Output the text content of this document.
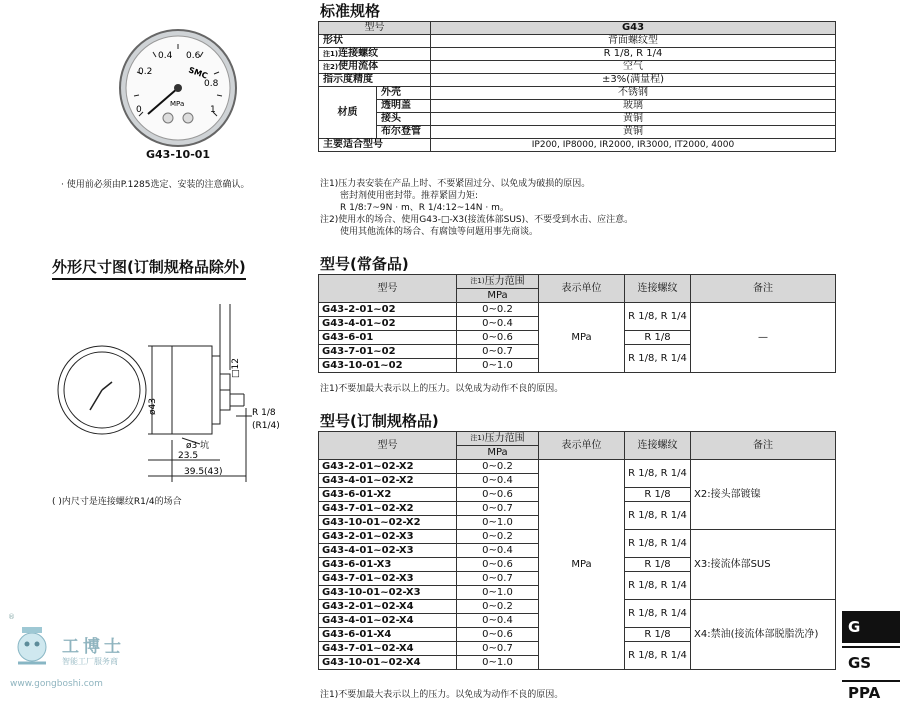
0
0.2
0.4 0.6
0.8
1
SMC
MPa
G43-10-01
· 使用前必须由P.1285选定、安装的注意确认。
外形尺寸图(订制规格品除外)
□12
ø43	R 1/8
(R1/4)
ø3 坑
23.5
39.5(43)
( )内尺寸是连接螺纹R1/4的场合
标准规格
型号		G43
形状		背面螺纹型
$^{注1)}$连接螺纹		R 1/8, R 1/4
$^{注2)}$使用流体		空气
指示度精度		±3%(满量程)
材质	外壳	不锈钢
	透明盖	玻璃
	接头	黄铜
	布尔登管	黄铜
主要适合型号		IP200, IP8000, IR2000, IR3000, IT2000, 4000
注1)压力表安装在产品上时、不要紧固过分、以免成为破损的原因。
密封剂使用密封带。推荐紧固力矩:
R 1/8:7~9N · m、R 1/4:12~14N · m。
注2)使用水的场合、使用G43-□-X3(接流体部SUS)、不要受到水击、应注意。
使用其他流体的场合、有腐蚀等问题用事先商谈。
型号(常备品)
型号	$^{注1)}$压力范围	表示单位	连接螺纹	备注
	MPa			
G43-2-01~02	0~0.2	MPa	R 1/8, R 1/4	—
G43-4-01~02	0~0.4			
G43-6-01	0~0.6		R 1/8	
G43-7-01~02	0~0.7		R 1/8, R 1/4	
G43-10-01~02	0~1.0			
注1)不要加最大表示以上的压力。以免成为动作不良的原因。
型号(订制规格品)
型号	$^{注1)}$压力范围	表示单位	连接螺纹	备注
	MPa			
G43-2-01~02-X2	0~0.2	MPa	R 1/8, R 1/4	X2:接头部镀镍
G43-4-01~02-X2	0~0.4			
G43-6-01-X2	0~0.6		R 1/8	
G43-7-01~02-X2	0~0.7		R 1/8, R 1/4	
G43-10-01~02-X2	0~1.0			
G43-2-01~02-X3	0~0.2		R 1/8, R 1/4	X3:接流体部SUS
G43-4-01~02-X3	0~0.4			
G43-6-01-X3	0~0.6		R 1/8	
G43-7-01~02-X3	0~0.7		R 1/8, R 1/4	
G43-10-01~02-X3	0~1.0			
G43-2-01~02-X4	0~0.2		R 1/8, R 1/4	X4:禁油(接流体部脱脂洗净)
G43-4-01~02-X4	0~0.4			
G43-6-01-X4	0~0.6		R 1/8	
G43-7-01~02-X4	0~0.7		R 1/8, R 1/4	
G43-10-01~02-X4	0~1.0			
注1)不要加最大表示以上的压力。以免成为动作不良的原因。
G
GS
PPA
®
工博士
智能工厂服务商
www.gongboshi.com
